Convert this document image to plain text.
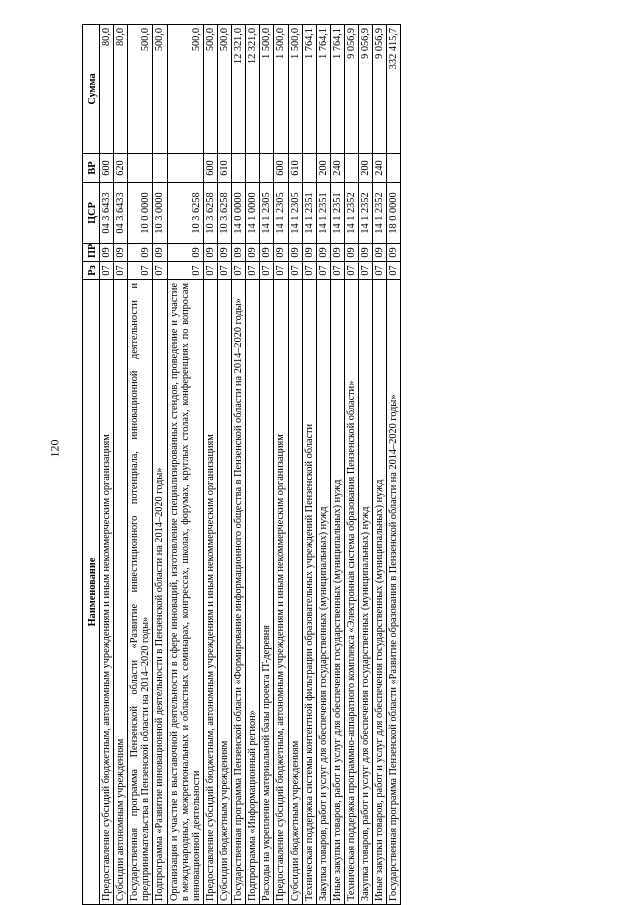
120
Наименование	Рз	ПР	ЦСР	ВР	Сумма
Предоставление субсидий бюджетным, автономным учреждениям и иным некоммерческим организациям	07	09	04 3 6433	600	80,0
Субсидии автономным учреждениям	07	09	04 3 6433	620	80,0
Государственная программа Пензенской области «Развитие инвестиционного потенциала, инновационной деятельности и предпринимательства в Пензенской области на 2014–2020 годы»	07	09	10 0 0000		500,0
Подпрограмма «Развитие инновационной деятельности в Пензенской области на 2014–2020 годы»	07	09	10 3 0000		500,0
Организация и участие в выставочной деятельности в сфере инноваций, изготовление специализированных стендов, проведение и участие в международных, межрегиональных и областных семинарах, конгрессах, школах, форумах, круглых столах, конференциях по вопросам инновационной деятельности	07	09	10 3 6258		500,0
Предоставление субсидий бюджетным, автономным учреждениям и иным некоммерческим организациям	07	09	10 3 6258	600	500,0
Субсидии бюджетным учреждениям	07	09	10 3 6258	610	500,0
Государственная программа Пензенской области «Формирование информационного общества в Пензенской области на 2014–2020 годы»	07	09	14 0 0000		12 321,0
Подпрограмма «Информационный регион»	07	09	14 1 0000		12 321,0
Расходы на укрепление материальной базы проекта IT-деревня	07	09	14 1 2305		1 500,0
Предоставление субсидий бюджетным, автономным учреждениям и иным некоммерческим организациям	07	09	14 1 2305	600	1 500,0
Субсидии бюджетным учреждениям	07	09	14 1 2305	610	1 500,0
Техническая поддержка системы контентной фильтрации образовательных учреждений Пензенской области	07	09	14 1 2351		1 764,1
Закупка товаров, работ и услуг для обеспечения государственных (муниципальных) нужд	07	09	14 1 2351	200	1 764,1
Иные закупки товаров, работ и услуг для обеспечения государственных (муниципальных) нужд	07	09	14 1 2351	240	1 764,1
Техническая поддержка программно-аппаратного комплекса «Электронная система образования Пензенской области»	07	09	14 1 2352		9 056,9
Закупка товаров, работ и услуг для обеспечения государственных (муниципальных) нужд	07	09	14 1 2352	200	9 056,9
Иные закупки товаров, работ и услуг для обеспечения государственных (муниципальных) нужд	07	09	14 1 2352	240	9 056,9
Государственная программа Пензенской области «Развитие образования в Пензенской области на 2014–2020 годы»	07	09	18 0 0000		332 415,7
